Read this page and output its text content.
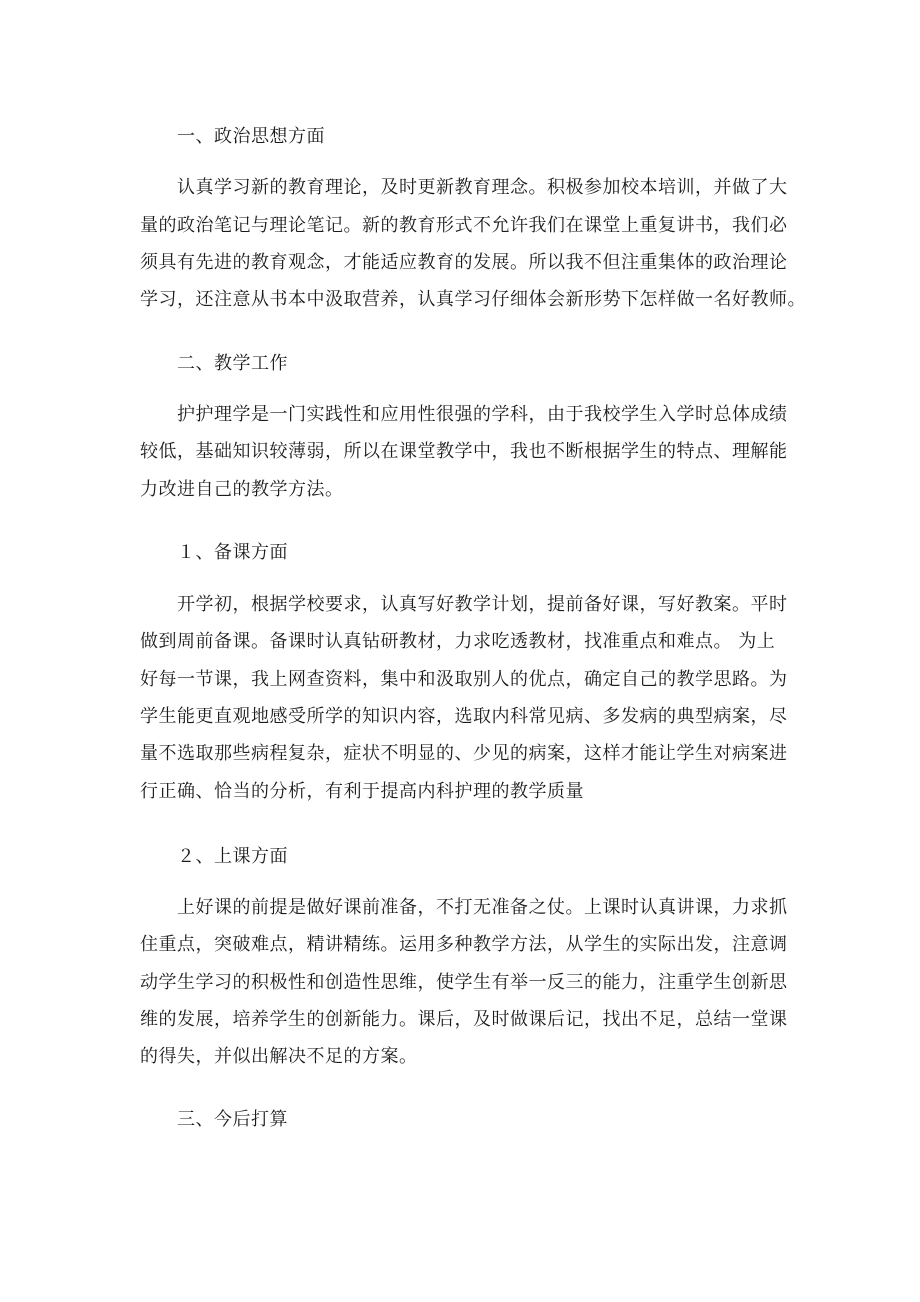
一、政治思想方面
认真学习新的教育理论，及时更新教育理念。积极参加校本培训，并做了大
量的政治笔记与理论笔记。新的教育形式不允许我们在课堂上重复讲书，我们必
须具有先进的教育观念，才能适应教育的发展。所以我不但注重集体的政治理论
学习，还注意从书本中汲取营养，认真学习仔细体会新形势下怎样做一名好教师。
二、教学工作
护护理学是一门实践性和应用性很强的学科，由于我校学生入学时总体成绩
较低，基础知识较薄弱，所以在课堂教学中，我也不断根据学生的特点、理解能
力改进自己的教学方法。
１、备课方面
开学初，根据学校要求，认真写好教学计划，提前备好课，写好教案。平时
做到周前备课。备课时认真钻研教材，力求吃透教材，找准重点和难点。 为上
好每一节课，我上网查资料，集中和汲取别人的优点，确定自己的教学思路。为
学生能更直观地感受所学的知识内容，选取内科常见病、多发病的典型病案，尽
量不选取那些病程复杂，症状不明显的、少见的病案，这样才能让学生对病案进
行正确、恰当的分析，有利于提高内科护理的教学质量
２、上课方面
上好课的前提是做好课前准备，不打无准备之仗。上课时认真讲课，力求抓
住重点，突破难点，精讲精练。运用多种教学方法，从学生的实际出发，注意调
动学生学习的积极性和创造性思维，使学生有举一反三的能力，注重学生创新思
维的发展，培养学生的创新能力。课后，及时做课后记，找出不足，总结一堂课
的得失，并似出解决不足的方案。
三、今后打算
